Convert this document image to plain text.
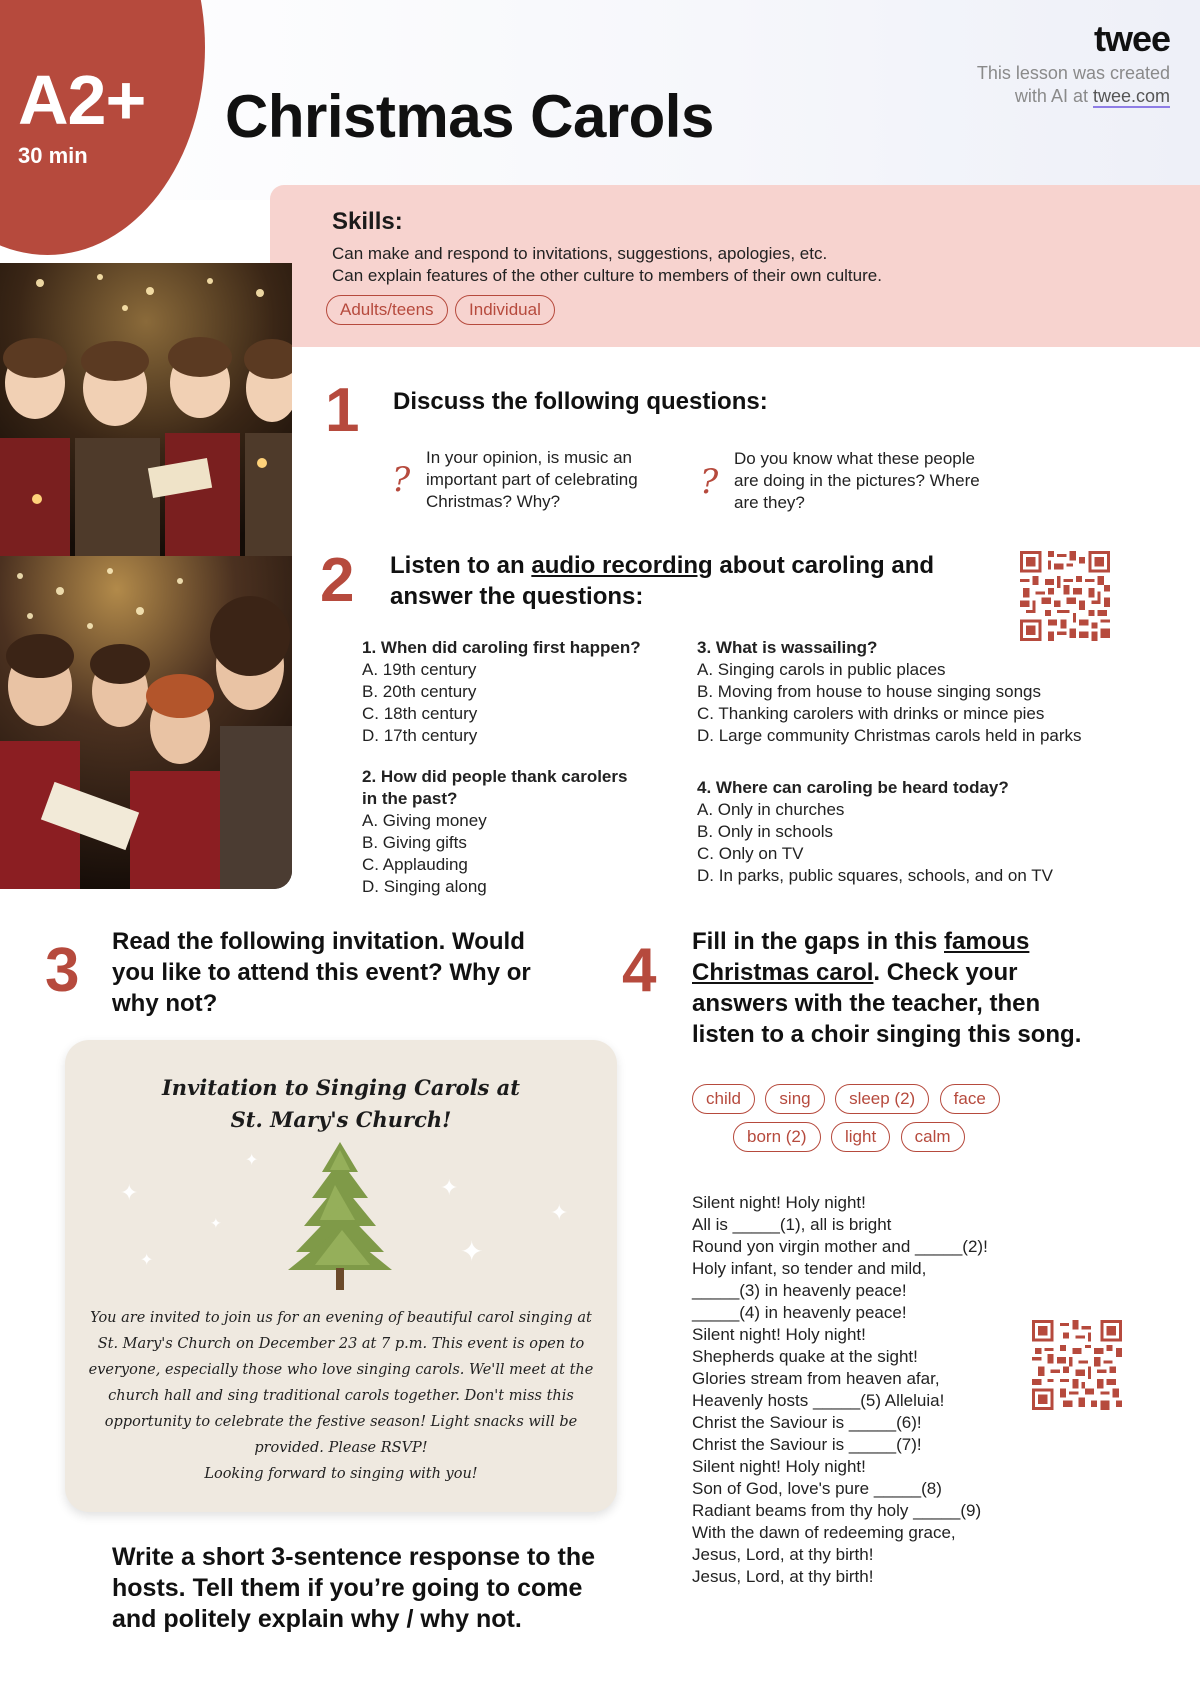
A2+
30 min
Christmas Carols
twee
This lesson was created
with AI at twee.com
Skills:
Can make and respond to invitations, suggestions, apologies, etc.
Can explain features of the other culture to members of their own culture.
Adults/teens Individual
1 Discuss the following questions:
?
In your opinion, is music an
important part of celebrating
Christmas? Why?	?
Do you know what these people
are doing in the pictures? Where
are they?
2 Listen to an audio recording about caroling and
answer the questions:
1. When did caroling first happen?
A. 19th century
B. 20th century
C. 18th century
D. 17th century
2. How did people thank carolers
in the past?
A. Giving money
B. Giving gifts
C. Applauding
D. Singing along
3. What is wassailing?
A. Singing carols in public places
B. Moving from house to house singing songs
C. Thanking carolers with drinks or mince pies
D. Large community Christmas carols held in parks
4. Where can caroling be heard today?
A. Only in churches
B. Only in schools
C. Only on TV
D. In parks, public squares, schools, and on TV
3 Read the following invitation. Would
you like to attend this event? Why or
why not?
Invitation to Singing Carols at
St. Mary's Church!
✦
✦
✦
✦
✦
✦
✦
You are invited to join us for an evening of beautiful carol singing at
St. Mary's Church on December 23 at 7 p.m. This event is open to
everyone, especially those who love singing carols. We'll meet at the
church hall and sing traditional carols together. Don't miss this
opportunity to celebrate the festive season! Light snacks will be
provided. Please RSVP!
Looking forward to singing with you!
Write a short 3-sentence response to the
hosts. Tell them if you’re going to come
and politely explain why / why not.
4 Fill in the gaps in this famous
Christmas carol. Check your
answers with the teacher, then
listen to a choir singing this song.
child sing sleep (2) face
born (2) light calm
Silent night! Holy night!
All is _____(1), all is bright
Round yon virgin mother and _____(2)!
Holy infant, so tender and mild,
_____(3) in heavenly peace!
_____(4) in heavenly peace!
Silent night! Holy night!
Shepherds quake at the sight!
Glories stream from heaven afar,
Heavenly hosts _____(5) Alleluia!
Christ the Saviour is _____(6)!
Christ the Saviour is _____(7)!
Silent night! Holy night!
Son of God, love's pure _____(8)
Radiant beams from thy holy _____(9)
With the dawn of redeeming grace,
Jesus, Lord, at thy birth!
Jesus, Lord, at thy birth!
